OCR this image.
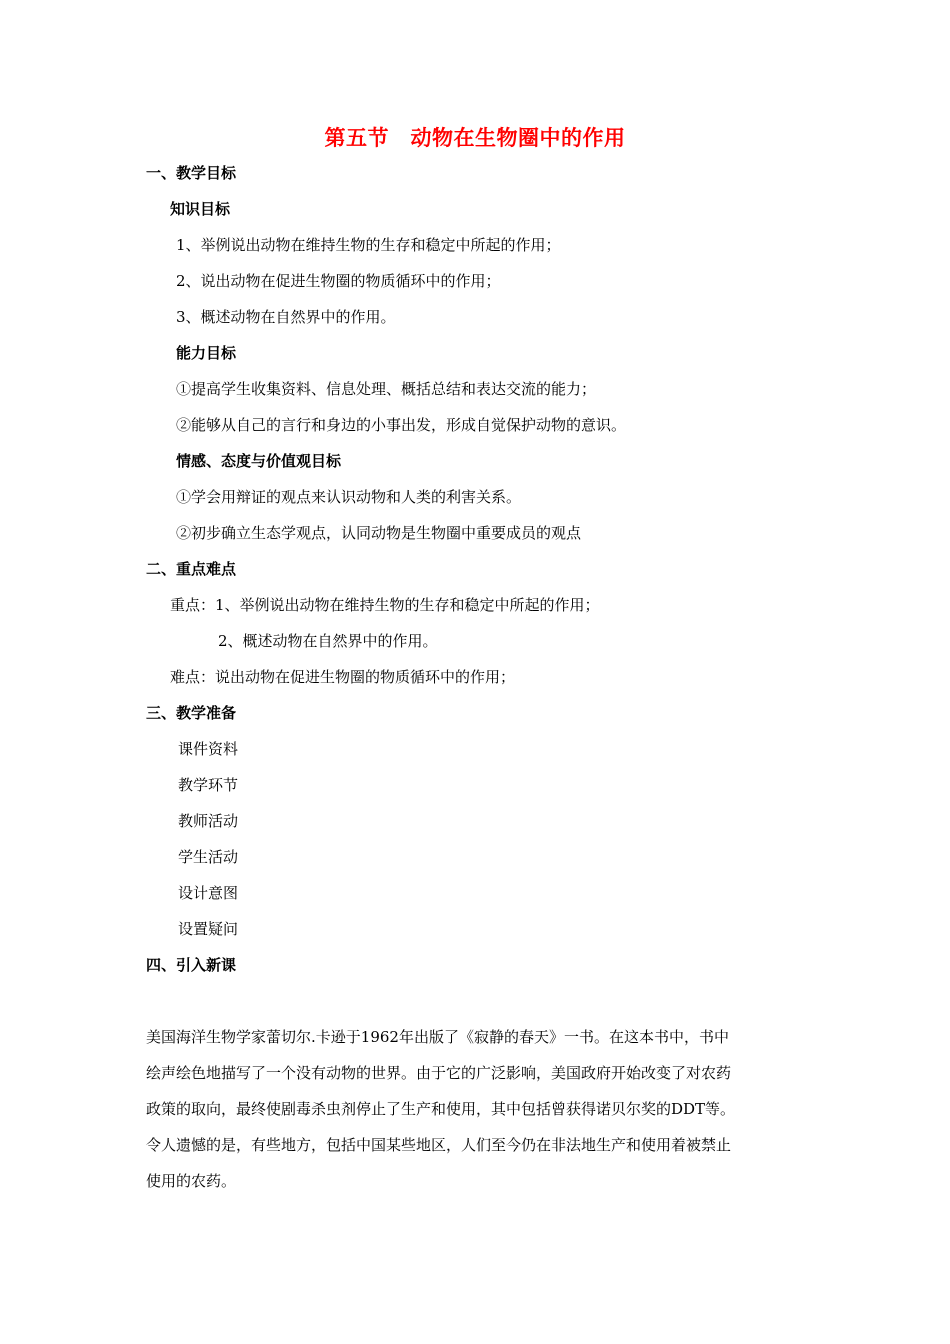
第五节　动物在生物圈中的作用
一、教学目标
知识目标
1、举例说出动物在维持生物的生存和稳定中所起的作用；
2、说出动物在促进生物圈的物质循环中的作用；
3、概述动物在自然界中的作用。
能力目标
①提高学生收集资料、信息处理、概括总结和表达交流的能力；
②能够从自己的言行和身边的小事出发，形成自觉保护动物的意识。
情感、态度与价值观目标
①学会用辩证的观点来认识动物和人类的利害关系。
②初步确立生态学观点，认同动物是生物圈中重要成员的观点
二、重点难点
重点：1、举例说出动物在维持生物的生存和稳定中所起的作用；
2、概述动物在自然界中的作用。
难点：说出动物在促进生物圈的物质循环中的作用；
三、教学准备
课件资料
教学环节
教师活动
学生活动
设计意图
设置疑问
四、引入新课

美国海洋生物学家蕾切尔.卡逊于1962年出版了《寂静的春天》一书。在这本书中，书中

绘声绘色地描写了一个没有动物的世界。由于它的广泛影响，美国政府开始改变了对农药

政策的取向，最终使剧毒杀虫剂停止了生产和使用，其中包括曾获得诺贝尔奖的DDT等。

令人遗憾的是，有些地方，包括中国某些地区，人们至今仍在非法地生产和使用着被禁止

使用的农药。
